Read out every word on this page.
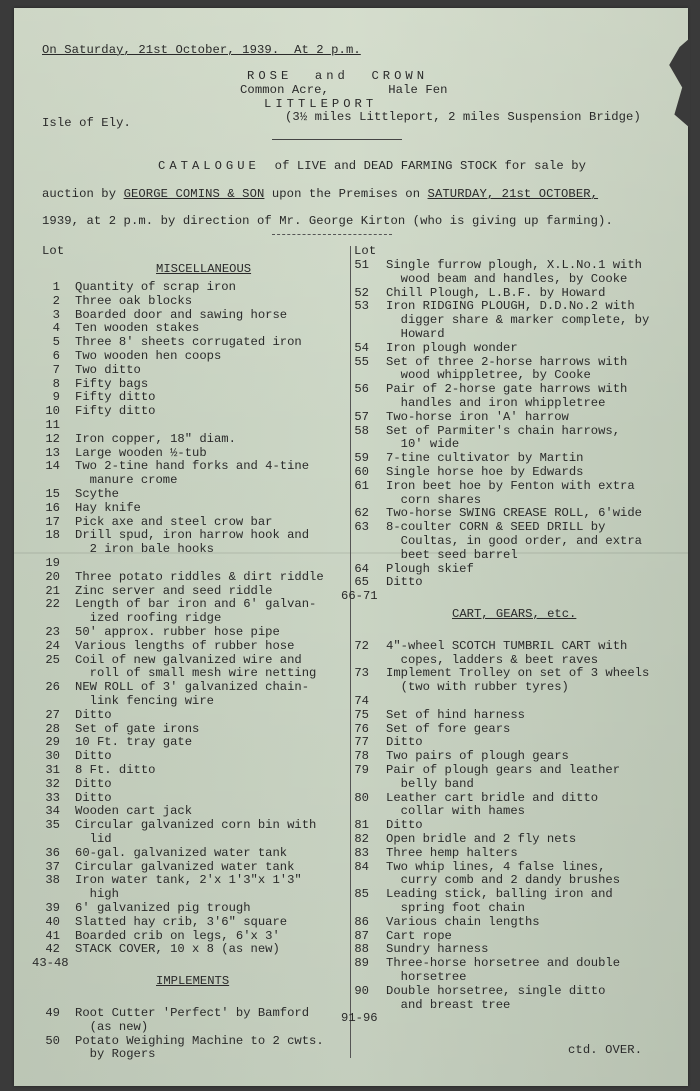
On Saturday, 21st October, 1939.  At 2 p.m.
ROSE  and  CROWN
Common Acre,        Hale Fen
LITTLEPORT
Isle of Ely.	(3½ miles Littleport, 2 miles Suspension Bridge)
CATALOGUE of LIVE and DEAD FARMING STOCK for sale by
auction by GEORGE COMINS & SON upon the Premises on SATURDAY, 21st OCTOBER,
1939, at 2 p.m. by direction of Mr. George Kirton (who is giving up farming).
Lot	Lot
MISCELLANEOUS
1 Quantity of scrap iron
2 Three oak blocks
3 Boarded door and sawing horse
4 Ten wooden stakes
5 Three 8' sheets corrugated iron
6 Two wooden hen coops
7 Two ditto
8 Fifty bags
9 Fifty ditto
10 Fifty ditto
11
12 Iron copper, 18" diam.
13 Large wooden ½-tub
14 Two 2-tine hand forks and 4-tine
manure crome
15 Scythe
16 Hay knife
17 Pick axe and steel crow bar
18 Drill spud, iron harrow hook and
2 iron bale hooks
19
20 Three potato riddles & dirt riddle
21 Zinc server and seed riddle
22 Length of bar iron and 6' galvan-
ized roofing ridge
23 50' approx. rubber hose pipe
24 Various lengths of rubber hose
25 Coil of new galvanized wire and
roll of small mesh wire netting
26 NEW ROLL of 3' galvanized chain-
link fencing wire
27 Ditto
28 Set of gate irons
29 10 Ft. tray gate
30 Ditto
31 8 Ft. ditto
32 Ditto
33 Ditto
34 Wooden cart jack
35 Circular galvanized corn bin with
lid
36 60-gal. galvanized water tank
37 Circular galvanized water tank
38 Iron water tank, 2'x 1'3"x 1'3"
high
39 6' galvanized pig trough
40 Slatted hay crib, 3'6" square
41 Boarded crib on legs, 6'x 3'
42 STACK COVER, 10 x 8 (as new)
43-48
IMPLEMENTS
49 Root Cutter 'Perfect' by Bamford
(as new)
50 Potato Weighing Machine to 2 cwts.
by Rogers
51 Single furrow plough, X.L.No.1 with
wood beam and handles, by Cooke
52 Chill Plough, L.B.F. by Howard
53 Iron RIDGING PLOUGH, D.D.No.2 with
digger share & marker complete, by
Howard
54 Iron plough wonder
55 Set of three 2-horse harrows with
wood whippletree, by Cooke
56 Pair of 2-horse gate harrows with
handles and iron whippletree
57 Two-horse iron 'A' harrow
58 Set of Parmiter's chain harrows,
10' wide
59 7-tine cultivator by Martin
60 Single horse hoe by Edwards
61 Iron beet hoe by Fenton with extra
corn shares
62 Two-horse SWING CREASE ROLL, 6'wide
63 8-coulter CORN & SEED DRILL by
Coultas, in good order, and extra
beet seed barrel
64 Plough skief
65 Ditto
66-71
CART, GEARS, etc.
72 4"-wheel SCOTCH TUMBRIL CART with
copes, ladders & beet raves
73 Implement Trolley on set of 3 wheels
(two with rubber tyres)
74
75 Set of hind harness
76 Set of fore gears
77 Ditto
78 Two pairs of plough gears
79 Pair of plough gears and leather
belly band
80 Leather cart bridle and ditto
collar with hames
81 Ditto
82 Open bridle and 2 fly nets
83 Three hemp halters
84 Two whip lines, 4 false lines,
curry comb and 2 dandy brushes
85 Leading stick, balling iron and
spring foot chain
86 Various chain lengths
87 Cart rope
88 Sundry harness
89 Three-horse horsetree and double
horsetree
90 Double horsetree, single ditto
and breast tree
91-96
ctd. OVER.
